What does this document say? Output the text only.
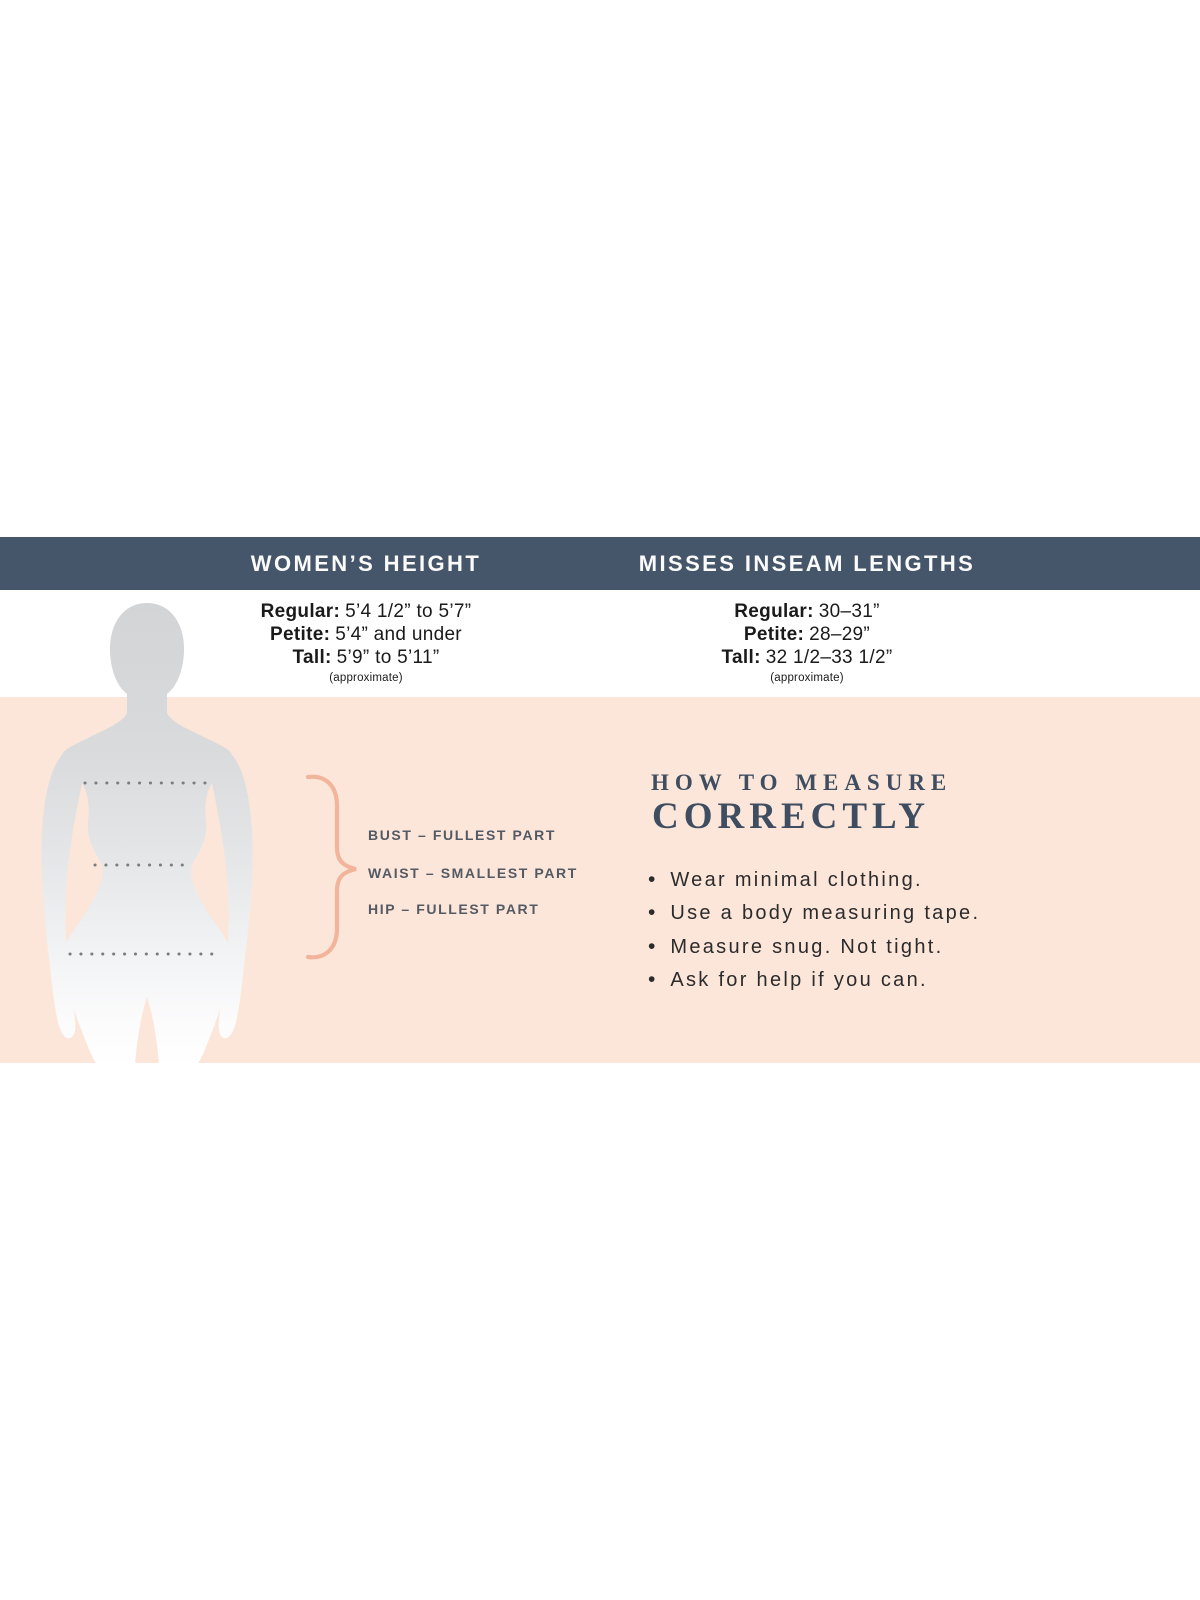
WOMEN’S HEIGHT	MISSES INSEAM LENGTHS
Regular: 5’4 1/2” to 5’7”
Petite: 5’4” and under
Tall: 5’9” to 5’11”
(approximate)
Regular: 30–31”
Petite: 28–29”
Tall: 32 1/2–33 1/2”
(approximate)
BUST – FULLEST PART
WAIST – SMALLEST PART
HIP – FULLEST PART
HOW TO MEASURE
CORRECTLY
• Wear minimal clothing.
• Use a body measuring tape.
• Measure snug. Not tight.
• Ask for help if you can.
